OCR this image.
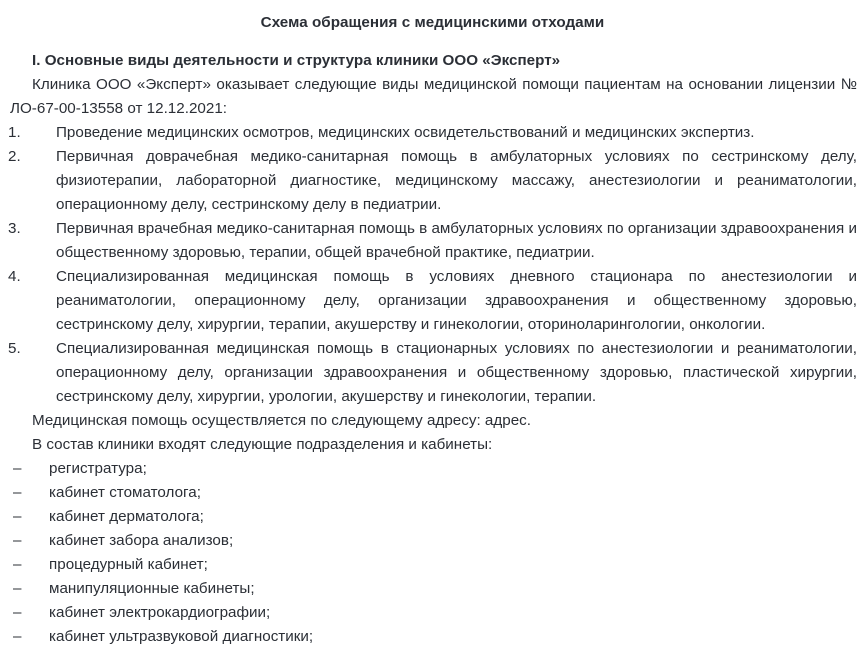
Схема обращения с медицинскими отходами

I. Основные виды деятельности и структура клиники ООО «Эксперт»

Клиника ООО «Эксперт» оказывает следующие виды медицинской помощи пациентам на основании лицензии № ЛО-67-00-13558 от 12.12.2021:

1. Проведение медицинских осмотров, медицинских освидетельствований и медицинских экспертиз.
2. Первичная доврачебная медико-санитарная помощь в амбулаторных условиях по сестринскому делу, физиотерапии, лабораторной диагностике, медицинскому массажу, анестезиологии и реаниматологии, операционному делу, сестринскому делу в педиатрии.
3. Первичная врачебная медико-санитарная помощь в амбулаторных условиях по организации здравоохранения и общественному здоровью, терапии, общей врачебной практике, педиатрии.
4. Специализированная медицинская помощь в условиях дневного стационара по анестезиологии и реаниматологии, операционному делу, организации здравоохранения и общественному здоровью, сестринскому делу, хирургии, терапии, акушерству и гинекологии, оториноларингологии, онкологии.
5. Специализированная медицинская помощь в стационарных условиях по анестезиологии и реаниматологии, операционному делу, организации здравоохранения и общественному здоровью, пластической хирургии, сестринскому делу, хирургии, урологии, акушерству и гинекологии, терапии.

Медицинская помощь осуществляется по следующему адресу: адрес.

В состав клиники входят следующие подразделения и кабинеты:

– регистратура;
– кабинет стоматолога;
– кабинет дерматолога;
– кабинет забора анализов;
– процедурный кабинет;
– манипуляционные кабинеты;
– кабинет электрокардиографии;
– кабинет ультразвуковой диагностики;
